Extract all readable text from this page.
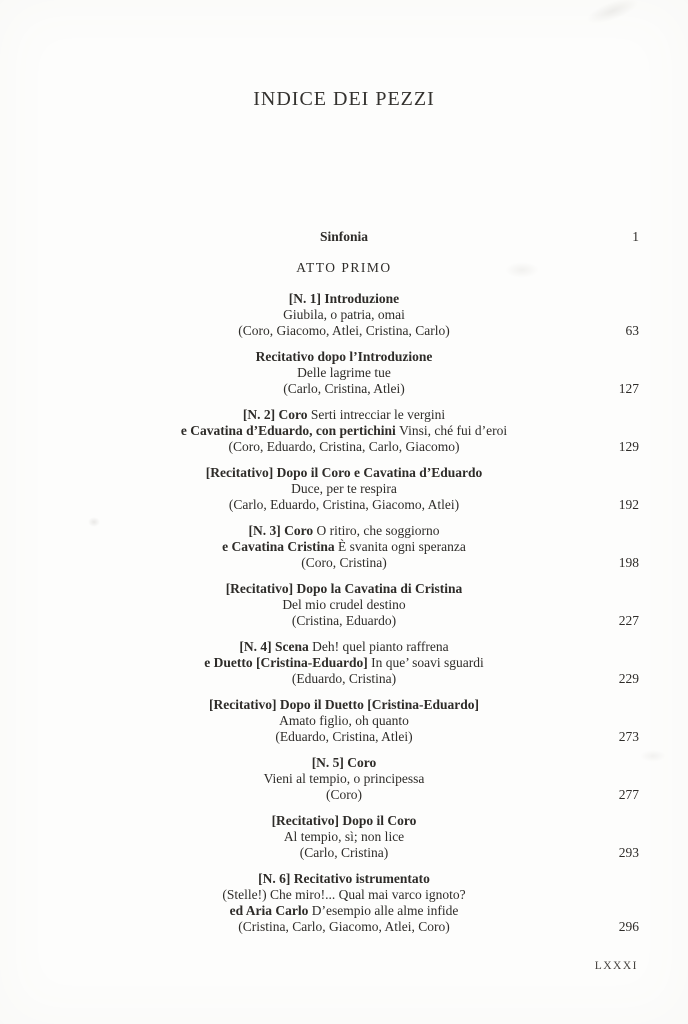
INDICE DEI PEZZI
Sinfonia	1
ATTO PRIMO
[N. 1] Introduzione
Giubila, o patria, omai
(Coro, Giacomo, Atlei, Cristina, Carlo)	63
Recitativo dopo l’Introduzione
Delle lagrime tue
(Carlo, Cristina, Atlei)	127
[N. 2] Coro Serti intrecciar le vergini
e Cavatina d’Eduardo, con pertichini Vinsi, ché fui d’eroi
(Coro, Eduardo, Cristina, Carlo, Giacomo)	129
[Recitativo] Dopo il Coro e Cavatina d’Eduardo
Duce, per te respira
(Carlo, Eduardo, Cristina, Giacomo, Atlei)	192
[N. 3] Coro O ritiro, che soggiorno
e Cavatina Cristina È svanita ogni speranza
(Coro, Cristina)	198
[Recitativo] Dopo la Cavatina di Cristina
Del mio crudel destino
(Cristina, Eduardo)	227
[N. 4] Scena Deh! quel pianto raffrena
e Duetto [Cristina-Eduardo] In que’ soavi sguardi
(Eduardo, Cristina)	229
[Recitativo] Dopo il Duetto [Cristina-Eduardo]
Amato figlio, oh quanto
(Eduardo, Cristina, Atlei)	273
[N. 5] Coro
Vieni al tempio, o principessa
(Coro)	277
[Recitativo] Dopo il Coro
Al tempio, sì; non lice
(Carlo, Cristina)	293
[N. 6] Recitativo istrumentato
(Stelle!) Che miro!... Qual mai varco ignoto?
ed Aria Carlo D’esempio alle alme infide
(Cristina, Carlo, Giacomo, Atlei, Coro)	296
LXXXI
